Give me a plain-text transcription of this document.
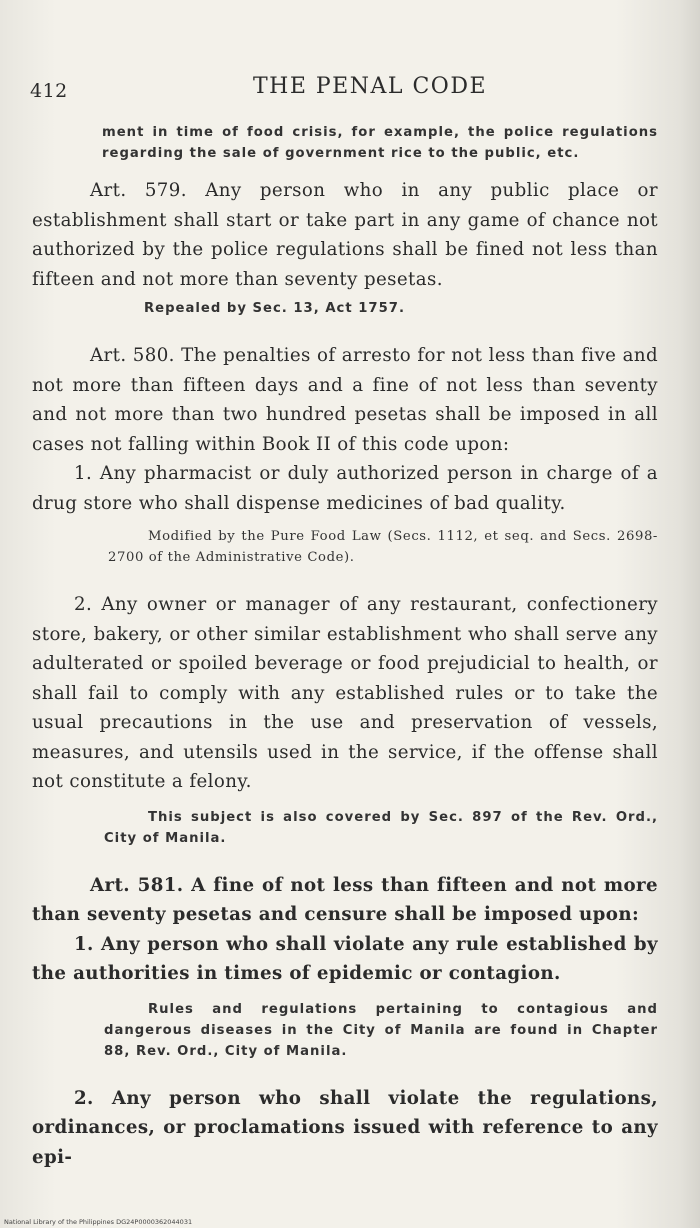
412	THE PENAL CODE
ment in time of food crisis, for example, the police regulations regarding the sale of government rice to the public, etc.
Art. 579. Any person who in any public place or establishment shall start or take part in any game of chance not authorized by the police regulations shall be fined not less than fifteen and not more than seventy pesetas.
Repealed by Sec. 13, Act 1757.
Art. 580. The penalties of arresto for not less than five and not more than fifteen days and a fine of not less than seventy and not more than two hundred pesetas shall be imposed in all cases not falling within Book II of this code upon:
1. Any pharmacist or duly authorized person in charge of a drug store who shall dispense medicines of bad quality.
Modified by the Pure Food Law (Secs. 1112, et seq. and Secs. 2698-2700 of the Administrative Code).
2. Any owner or manager of any restaurant, confectionery store, bakery, or other similar establishment who shall serve any adulterated or spoiled beverage or food prejudicial to health, or shall fail to comply with any established rules or to take the usual precautions in the use and preservation of vessels, measures, and utensils used in the service, if the offense shall not constitute a felony.
This subject is also covered by Sec. 897 of the Rev. Ord., City of Manila.
Art. 581. A fine of not less than fifteen and not more than seventy pesetas and censure shall be imposed upon:
1. Any person who shall violate any rule established by the authorities in times of epidemic or contagion.
Rules and regulations pertaining to contagious and dangerous diseases in the City of Manila are found in Chapter 88, Rev. Ord., City of Manila.
2. Any person who shall violate the regulations, ordinances, or proclamations issued with reference to any epi-
National Library of the Philippines DG24P0000362044031
